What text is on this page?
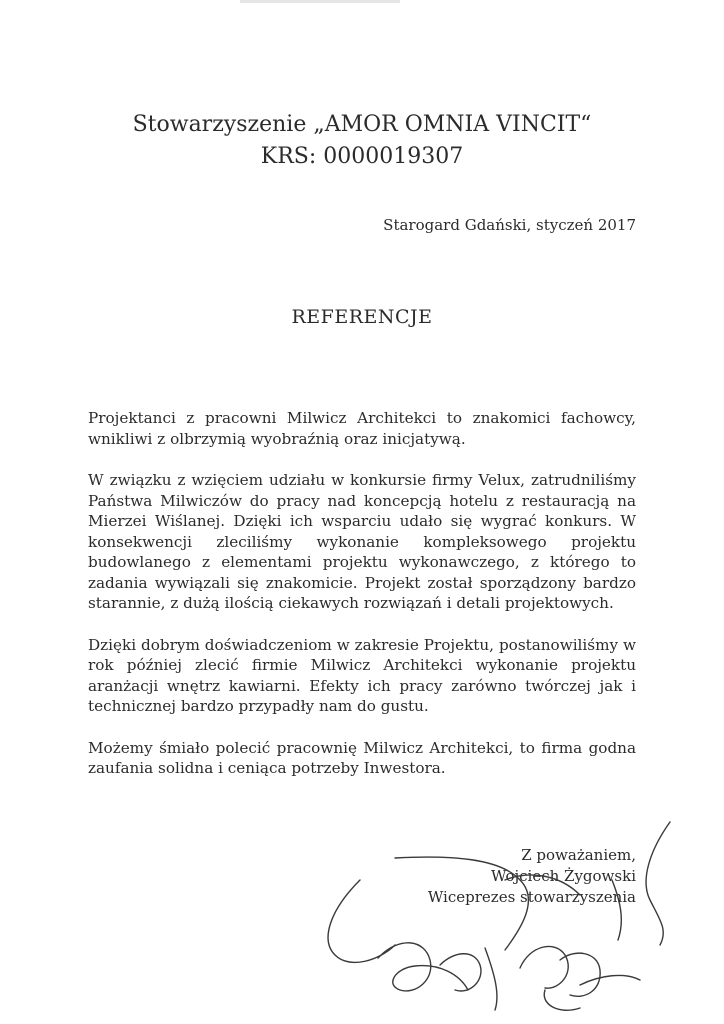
Stowarzyszenie „AMOR OMNIA VINCIT“
KRS: 0000019307
Starogard Gdański, styczeń 2017
REFERENCJE

Projektanci z pracowni Milwicz Architekci to znakomici fachowcy, wnikliwi z olbrzymią wyobraźnią oraz inicjatywą.

W związku z wzięciem udziału w konkursie firmy Velux, zatrudniliśmy Państwa Milwiczów do pracy nad koncepcją hotelu z restauracją na Mierzei Wiślanej. Dzięki ich wsparciu udało się wygrać konkurs. W konsekwencji zleciliśmy wykonanie kompleksowego projektu budowlanego z elementami projektu wykonawczego, z którego to zadania wywiązali się znakomicie. Projekt został sporządzony bardzo starannie, z dużą ilością ciekawych rozwiązań i detali projektowych.

Dzięki dobrym doświadczeniom w zakresie Projektu, postanowiliśmy w rok później zlecić firmie Milwicz Architekci wykonanie projektu aranżacji wnętrz kawiarni. Efekty ich pracy zarówno twórczej jak i technicznej bardzo przypadły nam do gustu.

Możemy śmiało polecić pracownię Milwicz Architekci, to firma godna zaufania solidna i ceniąca potrzeby Inwestora.

Z poważaniem,
Wojciech Żygowski
Wiceprezes stowarzyszenia
